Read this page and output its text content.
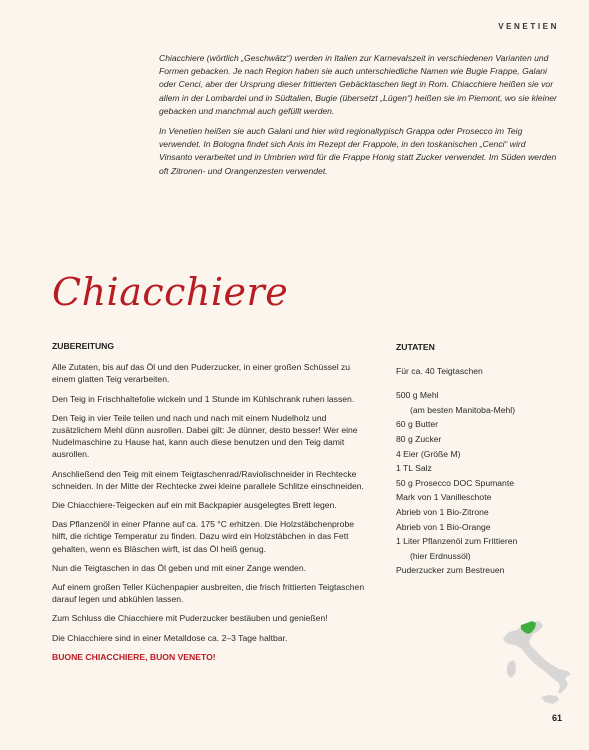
VENETIEN

Chiacchiere (wörtlich „Geschwätz“) werden in Italien zur Karnevalszeit in verschiedenen Varianten und Formen gebacken. Je nach Region haben sie auch unterschiedliche Namen wie Bugie Frappe, Galani oder Cenci, aber der Ursprung dieser frittierten Gebäcktaschen liegt in Rom. Chiacchiere heißen sie vor allem in der Lombardei und in Südtalien, Bugie (übersetzt „Lügen“) heißen sie im Piemont, wo sie kleiner gebacken und manchmal auch gefüllt werden.

In Venetien heißen sie auch Galani und hier wird regionaltypisch Grappa oder Prosecco im Teig verwendet. In Bologna findet sich Anis im Rezept der Frappole, in den toskanischen „Cenci“ wird Vinsanto verarbeitet und in Umbrien wird für die Frappe Honig statt Zucker verwendet. Im Süden werden oft Zitronen- und Orangenzesten verwendet.

Chiacchiere
ZUBEREITUNG

Alle Zutaten, bis auf das Öl und den Puderzucker, in einer großen Schüssel zu einem glatten Teig verarbeiten.

Den Teig in Frischhaltefolie wickeln und 1 Stunde im Kühlschrank ruhen lassen.

Den Teig in vier Teile teilen und nach und nach mit einem Nudelholz und zusätzlichem Mehl dünn ausrollen. Dabei gilt: Je dünner, desto besser! Wer eine Nudelmaschine zu Hause hat, kann auch diese benutzen und den Teig damit ausrollen.

Anschließend den Teig mit einem Teigtaschenrad/Raviolischneider in Rechtecke schneiden. In der Mitte der Rechtecke zwei kleine parallele Schlitze einschneiden.

Die Chiacchiere-Teigecken auf ein mit Backpapier ausgelegtes Brett legen.

Das Pflanzenöl in einer Pfanne auf ca. 175 °C erhitzen. Die Holzstäbchenprobe hilft, die richtige Temperatur zu finden. Dazu wird ein Holzstäbchen in das Fett gehalten, wenn es Bläschen wirft, ist das Öl heiß genug.

Nun die Teigtaschen in das Öl geben und mit einer Zange wenden.

Auf einem großen Teller Küchenpapier ausbreiten, die frisch frittierten Teigtaschen darauf legen und abkühlen lassen.

Zum Schluss die Chiacchiere mit Puderzucker bestäuben und genießen!

Die Chiacchiere sind in einer Metalldose ca. 2–3 Tage haltbar.

BUONE CHIACCHIERE, BUON VENETO!

ZUTATEN
Für ca. 40 Teigtaschen
500 g Mehl
(am besten Manitoba-Mehl)
60 g Butter
80 g Zucker
4 Eier (Größe M)
1 TL Salz
50 g Prosecco DOC Spumante
Mark von 1 Vanilleschote
Abrieb von 1 Bio-Zitrone
Abrieb von 1 Bio-Orange
1 Liter Pflanzenöl zum Frittieren
(hier Erdnussöl)
Puderzucker zum Bestreuen
61
